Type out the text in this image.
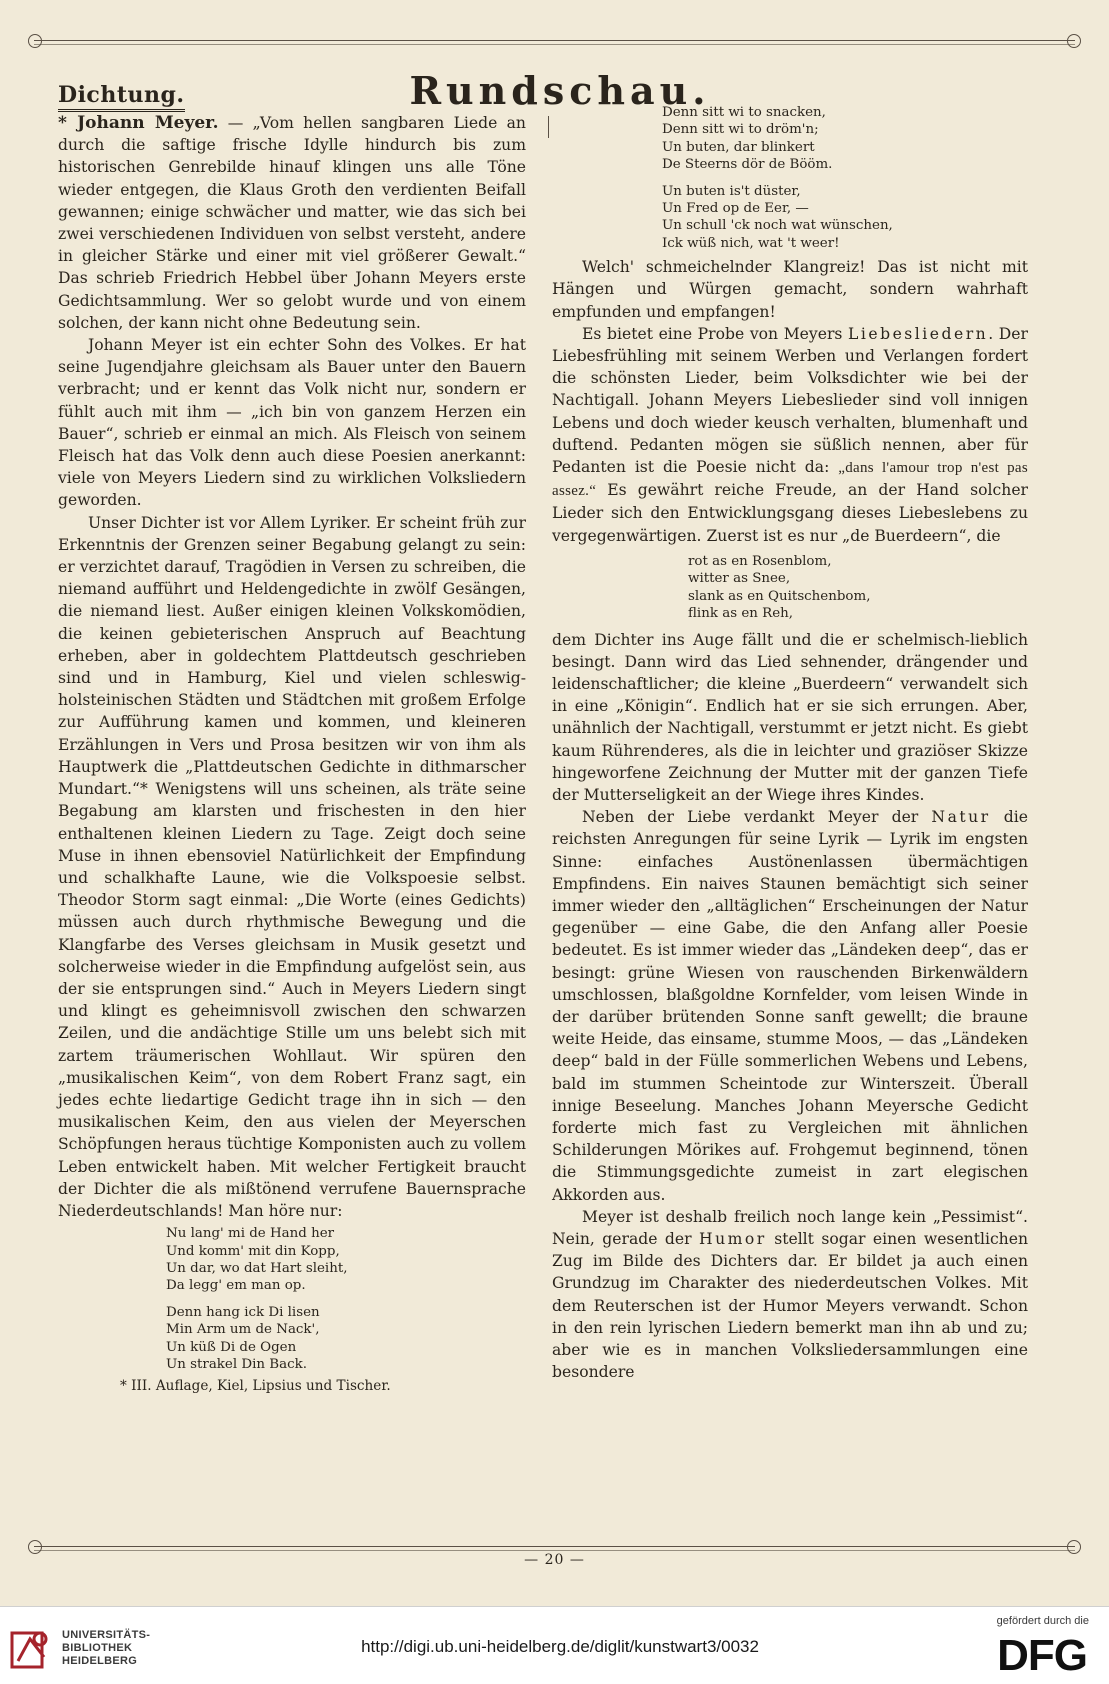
Dichtung.	Rundschau.

* Johann Meyer. — „Vom hellen sangbaren Liede an durch die saftige frische Idylle hindurch bis zum historischen Genrebilde hinauf klingen uns alle Töne wieder entgegen, die Klaus Groth den verdienten Beifall gewannen; einige schwächer und matter, wie das sich bei zwei verschiedenen Individuen von selbst versteht, andere in gleicher Stärke und einer mit viel größerer Gewalt.“ Das schrieb Friedrich Hebbel über Johann Meyers erste Gedichtsammlung. Wer so gelobt wurde und von einem solchen, der kann nicht ohne Bedeutung sein.

Johann Meyer ist ein echter Sohn des Volkes. Er hat seine Jugendjahre gleichsam als Bauer unter den Bauern verbracht; und er kennt das Volk nicht nur, sondern er fühlt auch mit ihm — „ich bin von ganzem Herzen ein Bauer“, schrieb er einmal an mich. Als Fleisch von seinem Fleisch hat das Volk denn auch diese Poesien anerkannt: viele von Meyers Liedern sind zu wirklichen Volksliedern geworden.

Unser Dichter ist vor Allem Lyriker. Er scheint früh zur Erkenntnis der Grenzen seiner Begabung gelangt zu sein: er verzichtet darauf, Tragödien in Versen zu schreiben, die niemand aufführt und Heldengedichte in zwölf Gesängen, die niemand liest. Außer einigen kleinen Volkskomödien, die keinen gebieterischen Anspruch auf Beachtung erheben, aber in goldechtem Plattdeutsch geschrieben sind und in Hamburg, Kiel und vielen schleswig-holsteinischen Städten und Städtchen mit großem Erfolge zur Aufführung kamen und kommen, und kleineren Erzählungen in Vers und Prosa besitzen wir von ihm als Hauptwerk die „Plattdeutschen Gedichte in dithmarscher Mundart.“* Wenigstens will uns scheinen, als träte seine Begabung am klarsten und frischesten in den hier enthaltenen kleinen Liedern zu Tage. Zeigt doch seine Muse in ihnen ebensoviel Natürlichkeit der Empfindung und schalkhafte Laune, wie die Volkspoesie selbst. Theodor Storm sagt einmal: „Die Worte (eines Gedichts) müssen auch durch rhythmische Bewegung und die Klangfarbe des Verses gleichsam in Musik gesetzt und solcherweise wieder in die Empfindung aufgelöst sein, aus der sie entsprungen sind.“ Auch in Meyers Liedern singt und klingt es geheimnisvoll zwischen den schwarzen Zeilen, und die andächtige Stille um uns belebt sich mit zartem träumerischen Wohllaut. Wir spüren den „musikalischen Keim“, von dem Robert Franz sagt, ein jedes echte liedartige Gedicht trage ihn in sich — den musikalischen Keim, den aus vielen der Meyerschen Schöpfungen heraus tüchtige Komponisten auch zu vollem Leben entwickelt haben. Mit welcher Fertigkeit braucht der Dichter die als mißtönend verrufene Bauernsprache Niederdeutschlands! Man höre nur:

Nu lang' mi de Hand her
Und komm' mit din Kopp,
Un dar, wo dat Hart sleiht,
Da legg' em man op.
Denn hang ick Di lisen
Min Arm um de Nack',
Un küß Di de Ogen
Un strakel Din Back.

* III. Auflage, Kiel, Lipsius und Tischer.

Denn sitt wi to snacken,
Denn sitt wi to dröm'n;
Un buten, dar blinkert
De Steerns dör de Bööm.
Un buten is't düster,
Un Fred op de Eer, —
Un schull 'ck noch wat wünschen,
Ick wüß nich, wat 't weer!

Welch' schmeichelnder Klangreiz! Das ist nicht mit Hängen und Würgen gemacht, sondern wahrhaft empfunden und empfangen!

Es bietet eine Probe von Meyers Liebesliedern. Der Liebesfrühling mit seinem Werben und Verlangen fordert die schönsten Lieder, beim Volksdichter wie bei der Nachtigall. Johann Meyers Liebeslieder sind voll innigen Lebens und doch wieder keusch verhalten, blumenhaft und duftend. Pedanten mögen sie süßlich nennen, aber für Pedanten ist die Poesie nicht da: „dans l'amour trop n'est pas assez.“ Es gewährt reiche Freude, an der Hand solcher Lieder sich den Entwicklungsgang dieses Liebeslebens zu vergegenwärtigen. Zuerst ist es nur „de Buerdeern“, die

rot as en Rosenblom,
witter as Snee,
slank as en Quitschenbom,
flink as en Reh,

dem Dichter ins Auge fällt und die er schelmisch-lieblich besingt. Dann wird das Lied sehnender, drängender und leidenschaftlicher; die kleine „Buerdeern“ verwandelt sich in eine „Königin“. Endlich hat er sie sich errungen. Aber, unähnlich der Nachtigall, verstummt er jetzt nicht. Es giebt kaum Rührenderes, als die in leichter und graziöser Skizze hingeworfene Zeichnung der Mutter mit der ganzen Tiefe der Mutterseligkeit an der Wiege ihres Kindes.

Neben der Liebe verdankt Meyer der Natur die reichsten Anregungen für seine Lyrik — Lyrik im engsten Sinne: einfaches Austönenlassen übermächtigen Empfindens. Ein naives Staunen bemächtigt sich seiner immer wieder den „alltäglichen“ Erscheinungen der Natur gegenüber — eine Gabe, die den Anfang aller Poesie bedeutet. Es ist immer wieder das „Ländeken deep“, das er besingt: grüne Wiesen von rauschenden Birkenwäldern umschlossen, blaßgoldne Kornfelder, vom leisen Winde in der darüber brütenden Sonne sanft gewellt; die braune weite Heide, das einsame, stumme Moos, — das „Ländeken deep“ bald in der Fülle sommerlichen Webens und Lebens, bald im stummen Scheintode zur Winterszeit. Überall innige Beseelung. Manches Johann Meyersche Gedicht forderte mich fast zu Vergleichen mit ähnlichen Schilderungen Mörikes auf. Frohgemut beginnend, tönen die Stimmungsgedichte zumeist in zart elegischen Akkorden aus.

Meyer ist deshalb freilich noch lange kein „Pessimist“. Nein, gerade der Humor stellt sogar einen wesentlichen Zug im Bilde des Dichters dar. Er bildet ja auch einen Grundzug im Charakter des niederdeutschen Volkes. Mit dem Reuterschen ist der Humor Meyers verwandt. Schon in den rein lyrischen Liedern bemerkt man ihn ab und zu; aber wie es in manchen Volksliedersammlungen eine besondere

— 20 —
UNIVERSITÄTS-
BIBLIOTHEK
HEIDELBERG
http://digi.ub.uni-heidelberg.de/diglit/kunstwart3/0032
gefördert durch die
DFG
